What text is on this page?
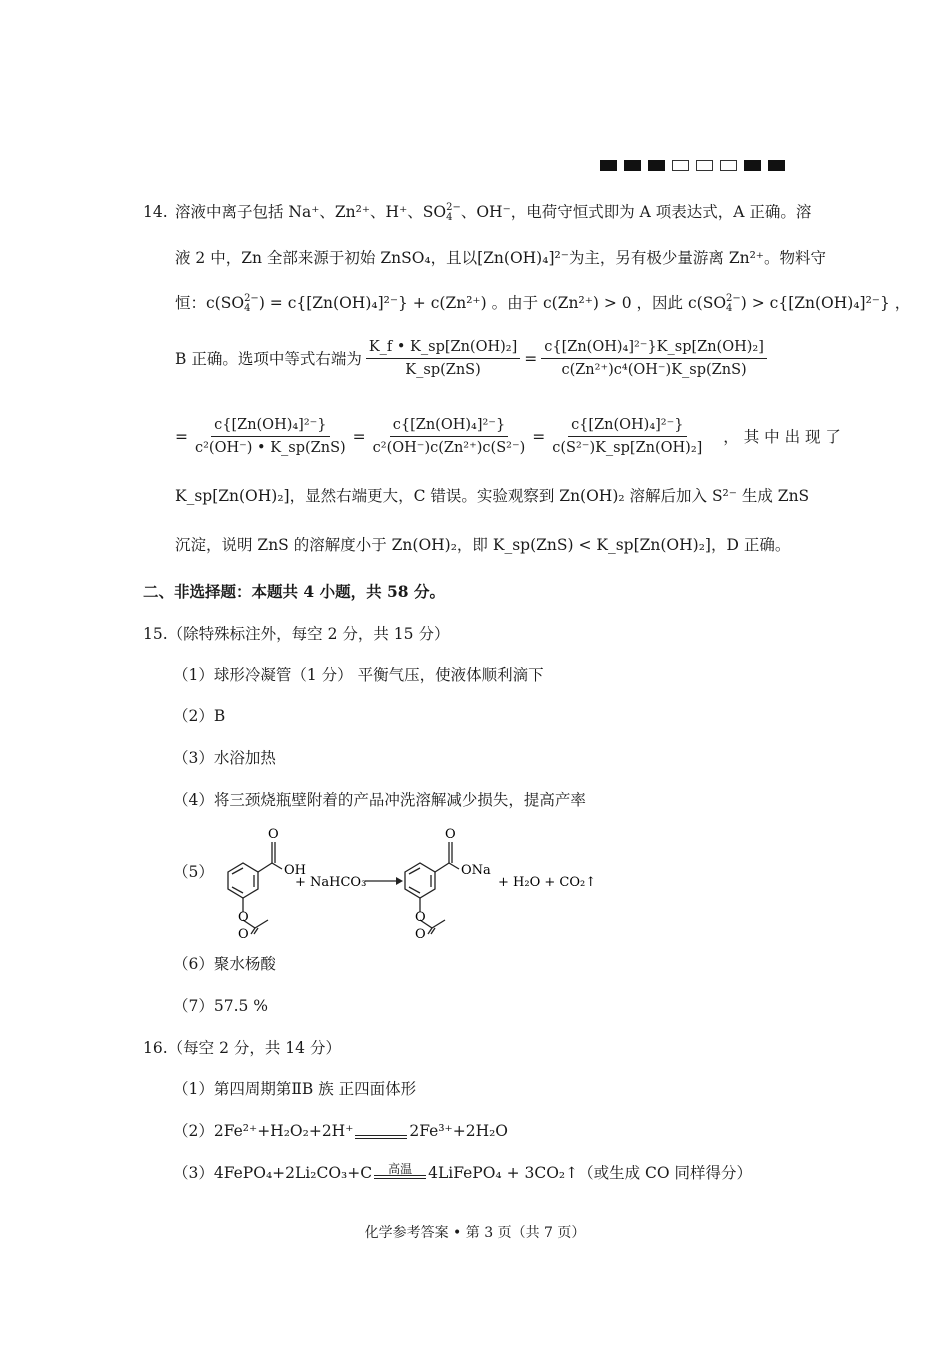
14. 溶液中离子包括 Na⁺、Zn²⁺、H⁺、SO 2−
4 、OH⁻，电荷守恒式即为 A 项表达式，A 正确。溶
液 2 中，Zn 全部来源于初始 ZnSO₄，且以[Zn(OH)₄]²⁻为主，另有极少量游离 Zn²⁺。物料守
恒：c(SO 2−
4 ) = c{[Zn(OH)₄]²⁻} + c(Zn²⁺) 。由于 c(Zn²⁺) > 0 ，因此 c(SO 2−
4 ) > c{[Zn(OH)₄]²⁻} ，
B 正确。选项中等式右端为 $\frac{\text{K\_f • K\_sp[Zn(OH)₂]}}{\text{K\_sp(ZnS)}} = \frac{\text{c\{[Zn(OH)₄]²⁻\}K\_sp[Zn(OH)₂]}}{\text{c(Zn²⁺)c⁴(OH⁻)K\_sp(ZnS)}}$
= $\frac{\text{c\{[Zn(OH)₄]²⁻\}}}{\text{c²(OH⁻) • K\_sp(ZnS)}} = \frac{\text{c\{[Zn(OH)₄]²⁻\}}}{\text{c²(OH⁻)c(Zn²⁺)c(S²⁻)}} = \frac{\text{c\{[Zn(OH)₄]²⁻\}}}{\text{c(S²⁻)K\_sp[Zn(OH)₂]}}$ ， 其 中 出 现 了
K_sp[Zn(OH)₂]，显然右端更大，C 错误。实验观察到 Zn(OH)₂ 溶解后加入 S²⁻ 生成 ZnS
沉淀，说明 ZnS 的溶解度小于 Zn(OH)₂，即 K_sp(ZnS) < K_sp[Zn(OH)₂]，D 正确。
二、非选择题：本题共 4 小题，共 58 分。
15.（除特殊标注外，每空 2 分，共 15 分）
（1）球形冷凝管（1 分） 平衡气压，使液体顺利滴下
（2）B
（3）水浴加热
（4）将三颈烧瓶壁附着的产品冲洗溶解减少损失，提高产率
（5）
O
OH
O
O
+ NaHCO₃
O
ONa
O
O
+ H₂O + CO₂↑
（6）聚水杨酸
（7）57.5 %
16.（每空 2 分，共 14 分）
（1）第四周期第ⅡB 族 正四面体形
（2）2Fe²⁺+H₂O₂+2H⁺
	2Fe³⁺+2H₂O
（3）4FePO₄+2Li₂CO₃+C 高温 4LiFePO₄ + 3CO₂↑（或生成 CO 同样得分）
化学参考答案 • 第 3 页（共 7 页）
